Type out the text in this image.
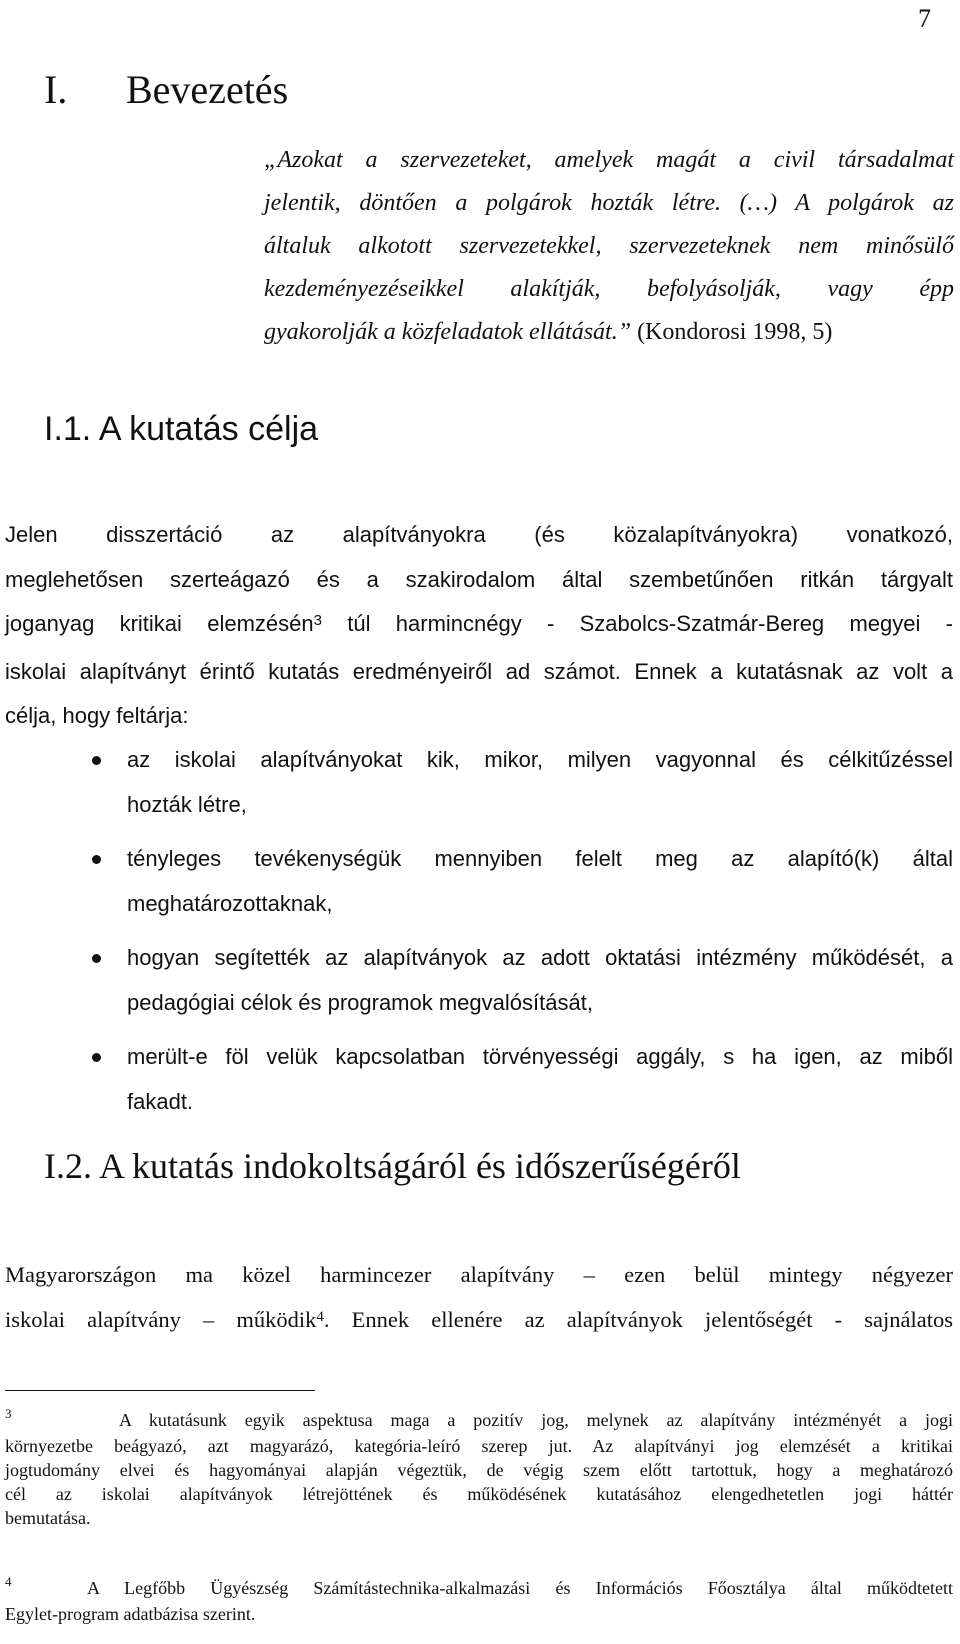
7
I. Bevezetés
„Azokat a szervezeteket, amelyek magát a civil társadalmat
jelentik, döntően a polgárok hozták létre. (…) A polgárok az
általuk alkotott szervezetekkel, szervezeteknek nem minősülő
kezdeményezéseikkel alakítják, befolyásolják, vagy épp
gyakorolják a közfeladatok ellátását.” (Kondorosi 1998, 5)
I.1. A kutatás célja
Jelen disszertáció az alapítványokra (és közalapítványokra) vonatkozó,
meglehetősen szerteágazó és a szakirodalom által szembetűnően ritkán tárgyalt
joganyag kritikai elemzésén$^3$ túl harmincnégy - Szabolcs-Szatmár-Bereg megyei -
iskolai alapítványt érintő kutatás eredményeiről ad számot. Ennek a kutatásnak az volt a
célja, hogy feltárja:
az iskolai alapítványokat kik, mikor, milyen vagyonnal és célkitűzéssel
hozták létre,
tényleges tevékenységük mennyiben felelt meg az alapító(k) által
meghatározottaknak,
hogyan segítették az alapítványok az adott oktatási intézmény működését, a
pedagógiai célok és programok megvalósítását,
merült-e föl velük kapcsolatban törvényességi aggály, s ha igen, az miből
fakadt.
I.2. A kutatás indokoltságáról és időszerűségéről
Magyarországon ma közel harmincezer alapítvány – ezen belül mintegy négyezer
iskolai alapítvány – működik$^4$. Ennek ellenére az alapítványok jelentőségét - sajnálatos
$^3$	A kutatásunk egyik aspektusa maga a pozitív jog, melynek az alapítvány intézményét a jogi
környezetbe beágyazó, azt magyarázó, kategória-leíró szerep jut. Az alapítványi jog elemzését a kritikai
jogtudomány elvei és hagyományai alapján végeztük, de végig szem előtt tartottuk, hogy a meghatározó
cél az iskolai alapítványok létrejöttének és működésének kutatásához elengedhetetlen jogi háttér
bemutatása.
$^4$	A Legfőbb Ügyészség Számítástechnika-alkalmazási és Információs Főosztálya által működtetett
Egylet-program adatbázisa szerint.
